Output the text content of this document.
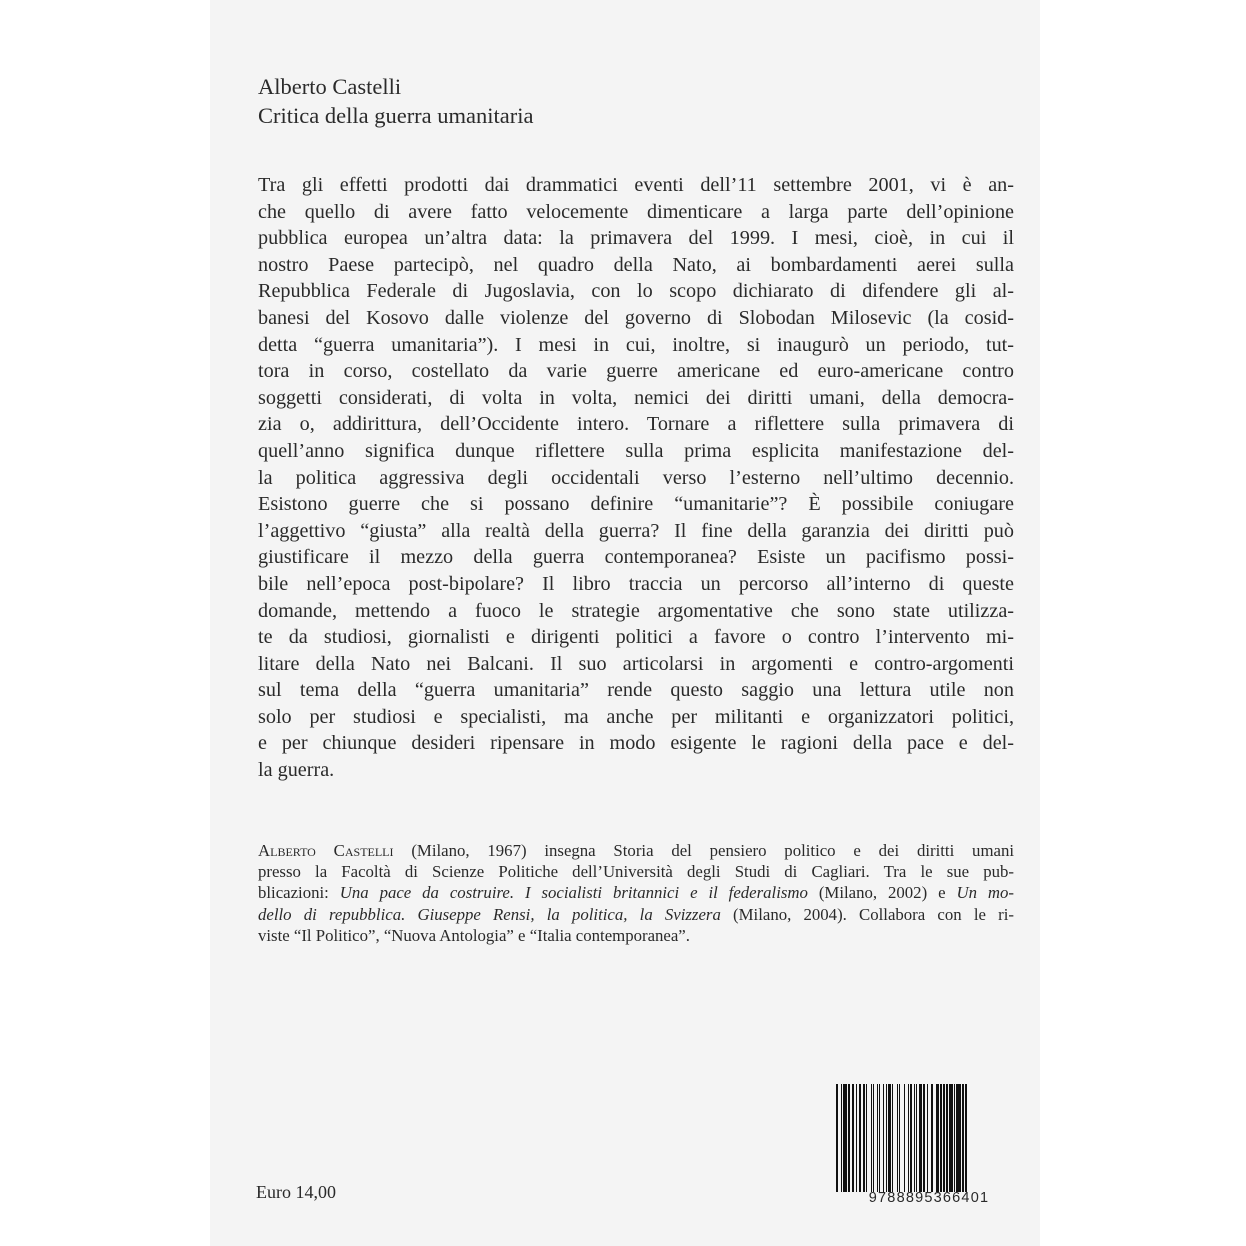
Alberto Castelli
Critica della guerra umanitaria
Tra gli effetti prodotti dai drammatici eventi dell’11 settembre 2001, vi è an-
che quello di avere fatto velocemente dimenticare a larga parte dell’opinione
pubblica europea un’altra data: la primavera del 1999. I mesi, cioè, in cui il
nostro Paese partecipò, nel quadro della Nato, ai bombardamenti aerei sulla
Repubblica Federale di Jugoslavia, con lo scopo dichiarato di difendere gli al-
banesi del Kosovo dalle violenze del governo di Slobodan Milosevic (la cosid-
detta “guerra umanitaria”). I mesi in cui, inoltre, si inaugurò un periodo, tut-
tora in corso, costellato da varie guerre americane ed euro-americane contro
soggetti considerati, di volta in volta, nemici dei diritti umani, della democra-
zia o, addirittura, dell’Occidente intero. Tornare a riflettere sulla primavera di
quell’anno significa dunque riflettere sulla prima esplicita manifestazione del-
la politica aggressiva degli occidentali verso l’esterno nell’ultimo decennio.
Esistono guerre che si possano definire “umanitarie”? È possibile coniugare
l’aggettivo “giusta” alla realtà della guerra? Il fine della garanzia dei diritti può
giustificare il mezzo della guerra contemporanea? Esiste un pacifismo possi-
bile nell’epoca post-bipolare? Il libro traccia un percorso all’interno di queste
domande, mettendo a fuoco le strategie argomentative che sono state utilizza-
te da studiosi, giornalisti e dirigenti politici a favore o contro l’intervento mi-
litare della Nato nei Balcani. Il suo articolarsi in argomenti e contro-argomenti
sul tema della “guerra umanitaria” rende questo saggio una lettura utile non
solo per studiosi e specialisti, ma anche per militanti e organizzatori politici,
e per chiunque desideri ripensare in modo esigente le ragioni della pace e del-
la guerra.
Alberto Castelli (Milano, 1967) insegna Storia del pensiero politico e dei diritti umani
presso la Facoltà di Scienze Politiche dell’Università degli Studi di Cagliari. Tra le sue pub-
blicazioni: Una pace da costruire. I socialisti britannici e il federalismo (Milano, 2002) e Un mo-
dello di repubblica. Giuseppe Rensi, la politica, la Svizzera (Milano, 2004). Collabora con le ri-
viste “Il Politico”, “Nuova Antologia” e “Italia contemporanea”.
Euro 14,00	9788895366401
